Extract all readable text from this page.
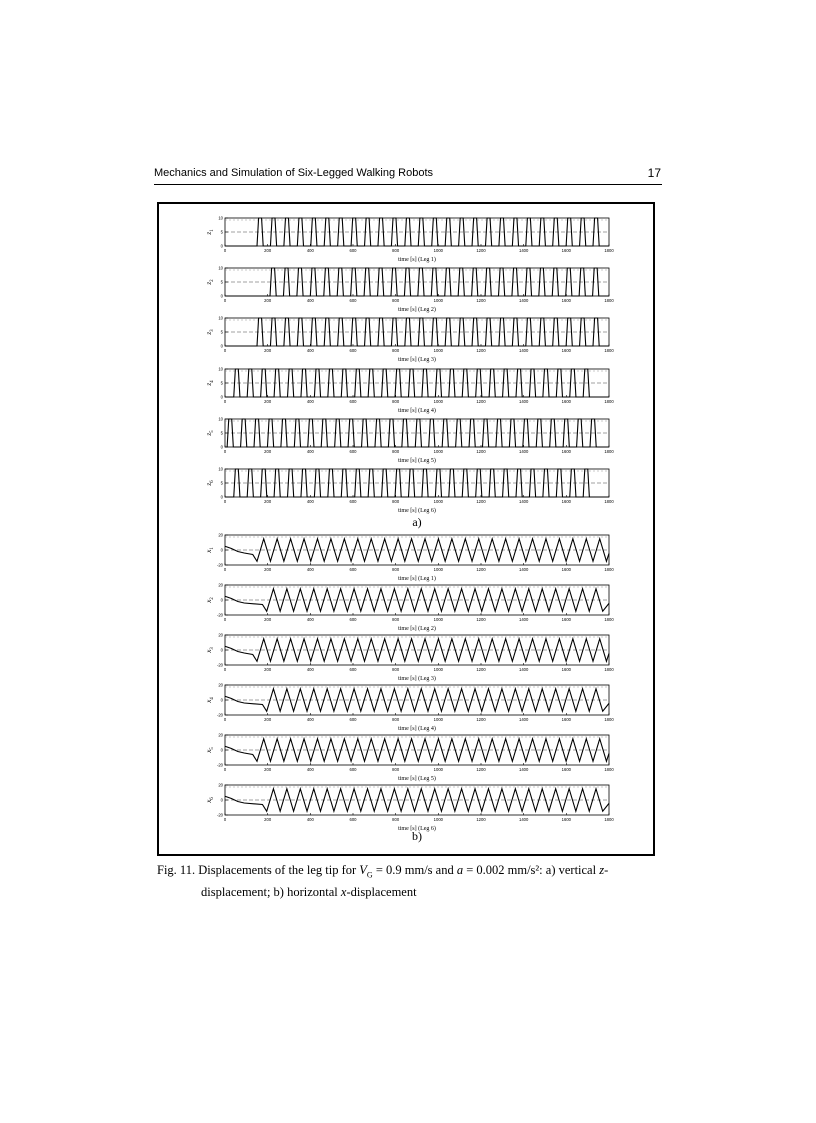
Mechanics and Simulation of Six-Legged Walking Robots	17
0
5
10
0	200	400	600	800	1000	1200	1400	1600	1800
$z_1$
time [s] (Leg 1)
0
5
10
0	200	400	600	800	1000	1200	1400	1600	1800
$z_2$
time [s] (Leg 2)
0
5
10
0	200	400	600	800	1000	1200	1400	1600	1800
$z_3$
time [s] (Leg 3)
0
5
10
0	200	400	600	800	1000	1200	1400	1600	1800
$z_4$
time [s] (Leg 4)
0
5
10
0	200	400	600	800	1000	1200	1400	1600	1800
$z_5$
time [s] (Leg 5)
0
5
10
0	200	400	600	800	1000	1200	1400	1600	1800
$z_6$
time [s] (Leg 6)
a)
-20
0
20
0	200	400	600	800	1000	1200	1400	1600	1800
$x_1$
time [s] (Leg 1)
-20
0
20
0	200	400	600	800	1000	1200	1400	1600	1800
$x_2$
time [s] (Leg 2)
-20
0
20
0	200	400	600	800	1000	1200	1400	1600	1800
$x_3$
time [s] (Leg 3)
-20
0
20
0	200	400	600	800	1000	1200	1400	1600	1800
$x_4$
time [s] (Leg 4)
-20
0
20
0	200	400	600	800	1000	1200	1400	1600	1800
$x_5$
time [s] (Leg 5)
-20
0
20
0	200	400	600	800	1000	1200	1400	1600	1800
$x_6$
time [s] (Leg 6)
b)
Fig. 11. Displacements of the leg tip for $V_G = 0.9$ mm/s and a = 0.002 mm/s²: a) vertical z-
displacement; b) horizontal x-displacement
